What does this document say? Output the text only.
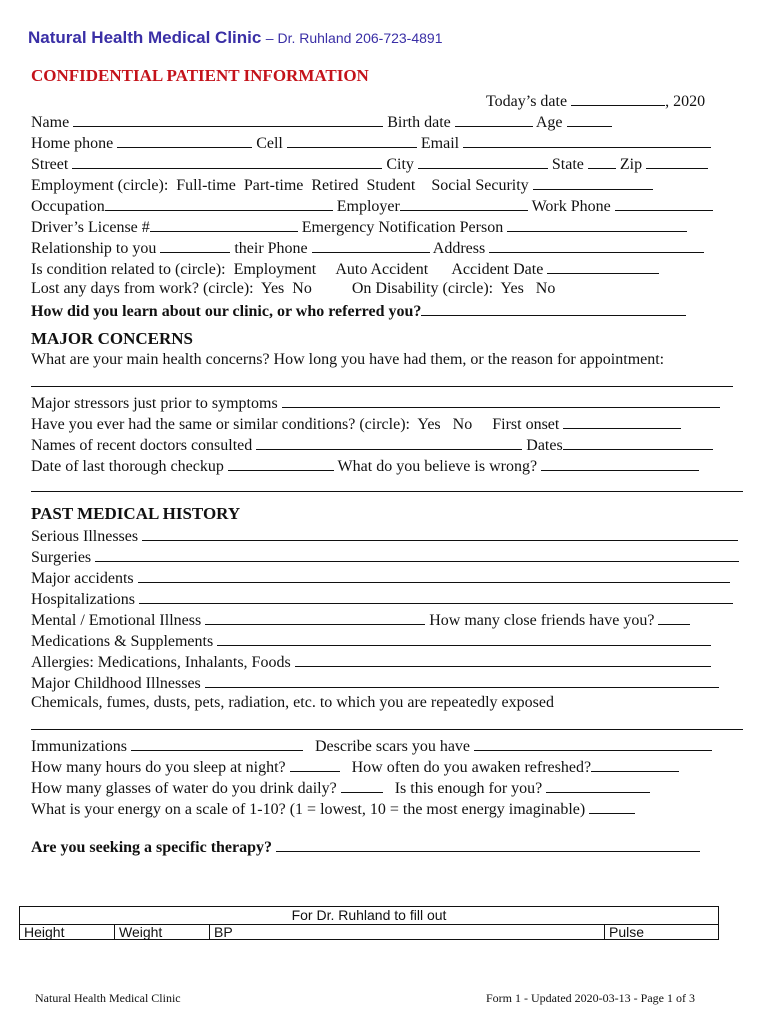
Natural Health Medical Clinic – Dr. Ruhland 206-723-4891
CONFIDENTIAL PATIENT INFORMATION
Today’s date	, 2020
Name	Birth date	Age
Home phone	Cell	Email
Street	City	State Zip
Employment (circle):  Full-time  Part-time  Retired  Student Social Security
Occupation	Employer	Work Phone
Driver’s License #	Emergency Notification Person
Relationship to you	their Phone	Address
Is condition related to (circle):  Employment     Auto Accident Accident Date
Lost any days from work? (circle):  Yes  No	On Disability (circle):  Yes   No
How did you learn about our clinic, or who referred you?
MAJOR CONCERNS
What are your main health concerns? How long you have had them, or the reason for appointment:
Major stressors just prior to symptoms
Have you ever had the same or similar conditions? (circle):  Yes   No First onset
Names of recent doctors consulted	Dates
Date of last thorough checkup	What do you believe is wrong?
PAST MEDICAL HISTORY
Serious Illnesses
Surgeries
Major accidents
Hospitalizations
Mental / Emotional Illness	How many close friends have you?
Medications & Supplements
Allergies: Medications, Inhalants, Foods
Major Childhood Illnesses
Chemicals, fumes, dusts, pets, radiation, etc. to which you are repeatedly exposed
Immunizations	Describe scars you have
How many hours do you sleep at night?	How often do you awaken refreshed?
How many glasses of water do you drink daily?	Is this enough for you?
What is your energy on a scale of 1-10? (1 = lowest, 10 = the most energy imaginable)
Are you seeking a specific therapy?
For Dr. Ruhland to fill out
Height	Weight	BP	Pulse
Natural Health Medical Clinic	Form 1 - Updated 2020-03-13 - Page 1 of 3
